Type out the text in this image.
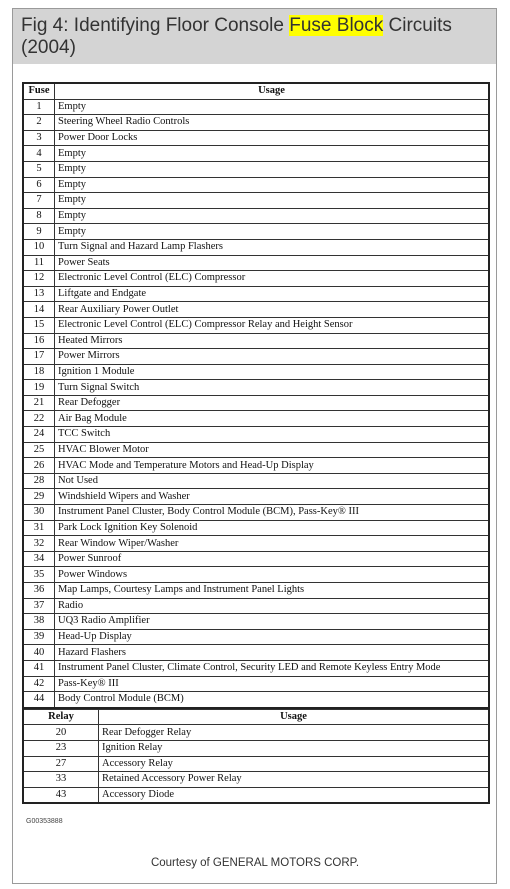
Fig 4: Identifying Floor Console Fuse Block Circuits (2004)
Fuse	Usage
1	Empty
2	Steering Wheel Radio Controls
3	Power Door Locks
4	Empty
5	Empty
6	Empty
7	Empty
8	Empty
9	Empty
10	Turn Signal and Hazard Lamp Flashers
11	Power Seats
12	Electronic Level Control (ELC) Compressor
13	Liftgate and Endgate
14	Rear Auxiliary Power Outlet
15	Electronic Level Control (ELC) Compressor Relay and Height Sensor
16	Heated Mirrors
17	Power Mirrors
18	Ignition 1 Module
19	Turn Signal Switch
21	Rear Defogger
22	Air Bag Module
24	TCC Switch
25	HVAC Blower Motor
26	HVAC Mode and Temperature Motors and Head-Up Display
28	Not Used
29	Windshield Wipers and Washer
30	Instrument Panel Cluster, Body Control Module (BCM), Pass-Key® III
31	Park Lock Ignition Key Solenoid
32	Rear Window Wiper/Washer
34	Power Sunroof
35	Power Windows
36	Map Lamps, Courtesy Lamps and Instrument Panel Lights
37	Radio
38	UQ3 Radio Amplifier
39	Head-Up Display
40	Hazard Flashers
41	Instrument Panel Cluster, Climate Control, Security LED and Remote Keyless Entry Mode
42	Pass-Key® III
44	Body Control Module (BCM)
Relay	Usage
20	Rear Defogger Relay
23	Ignition Relay
27	Accessory Relay
33	Retained Accessory Power Relay
43	Accessory Diode
G00353888
Courtesy of GENERAL MOTORS CORP.
